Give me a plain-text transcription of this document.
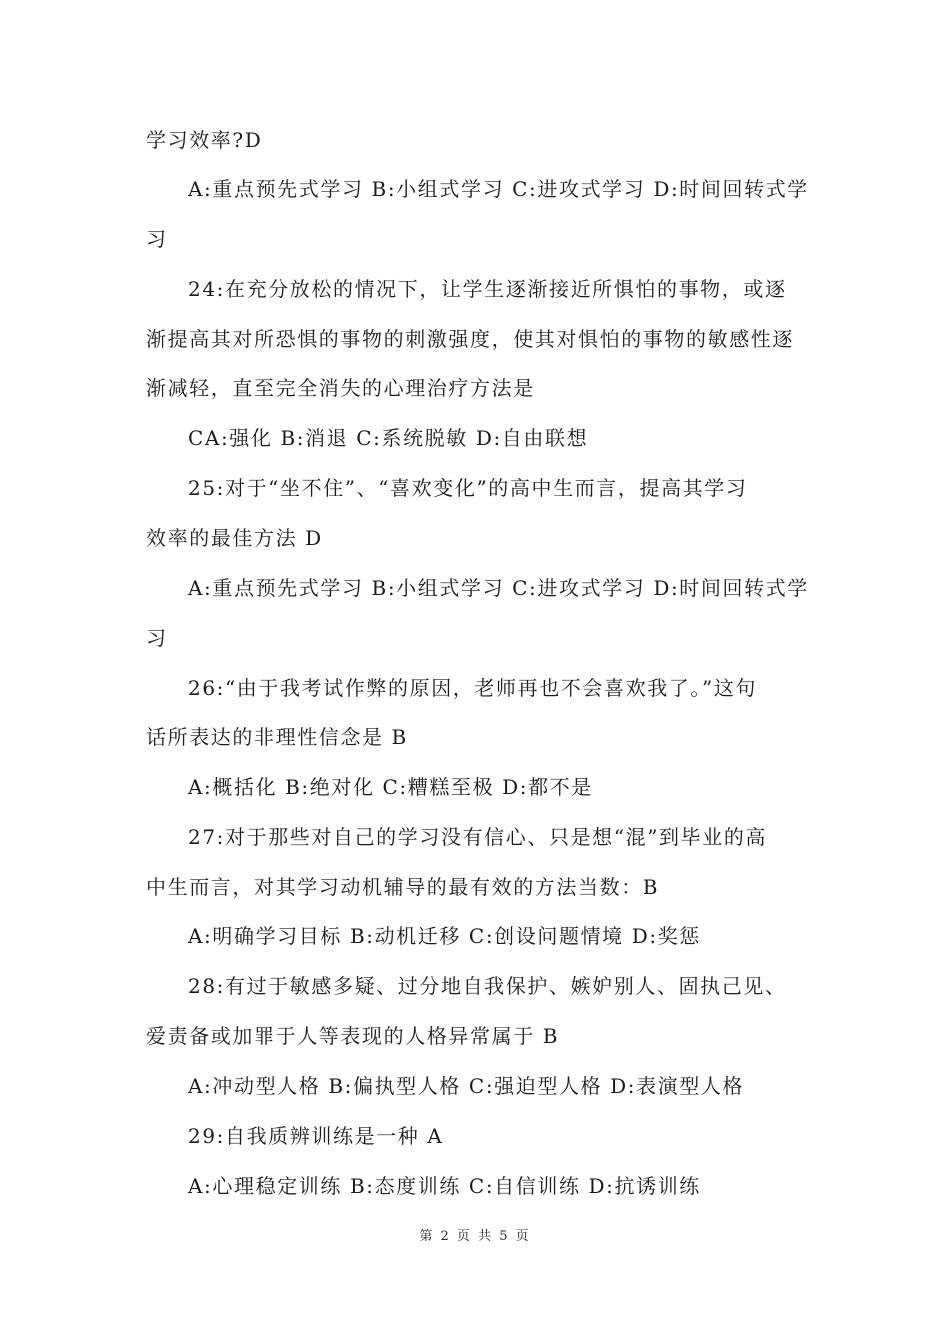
学习效率?D
A:重点预先式学习 B:小组式学习 C:进攻式学习 D:时间回转式学
习
24:在充分放松的情况下，让学生逐渐接近所惧怕的事物，或逐
渐提高其对所恐惧的事物的刺激强度，使其对惧怕的事物的敏感性逐
渐减轻，直至完全消失的心理治疗方法是
CA:强化 B:消退 C:系统脱敏 D:自由联想
25:对于“坐不住”、“喜欢变化”的高中生而言，提高其学习
效率的最佳方法 D
A:重点预先式学习 B:小组式学习 C:进攻式学习 D:时间回转式学
习
26:“由于我考试作弊的原因，老师再也不会喜欢我了。”这句
话所表达的非理性信念是 B
A:概括化 B:绝对化 C:糟糕至极 D:都不是
27:对于那些对自己的学习没有信心、只是想“混”到毕业的高
中生而言，对其学习动机辅导的最有效的方法当数：B
A:明确学习目标 B:动机迁移 C:创设问题情境 D:奖惩
28:有过于敏感多疑、过分地自我保护、嫉妒别人、固执己见、
爱责备或加罪于人等表现的人格异常属于 B
A:冲动型人格 B:偏执型人格 C:强迫型人格 D:表演型人格
29:自我质辨训练是一种 A
A:心理稳定训练 B:态度训练 C:自信训练 D:抗诱训练
第 2 页 共 5 页
